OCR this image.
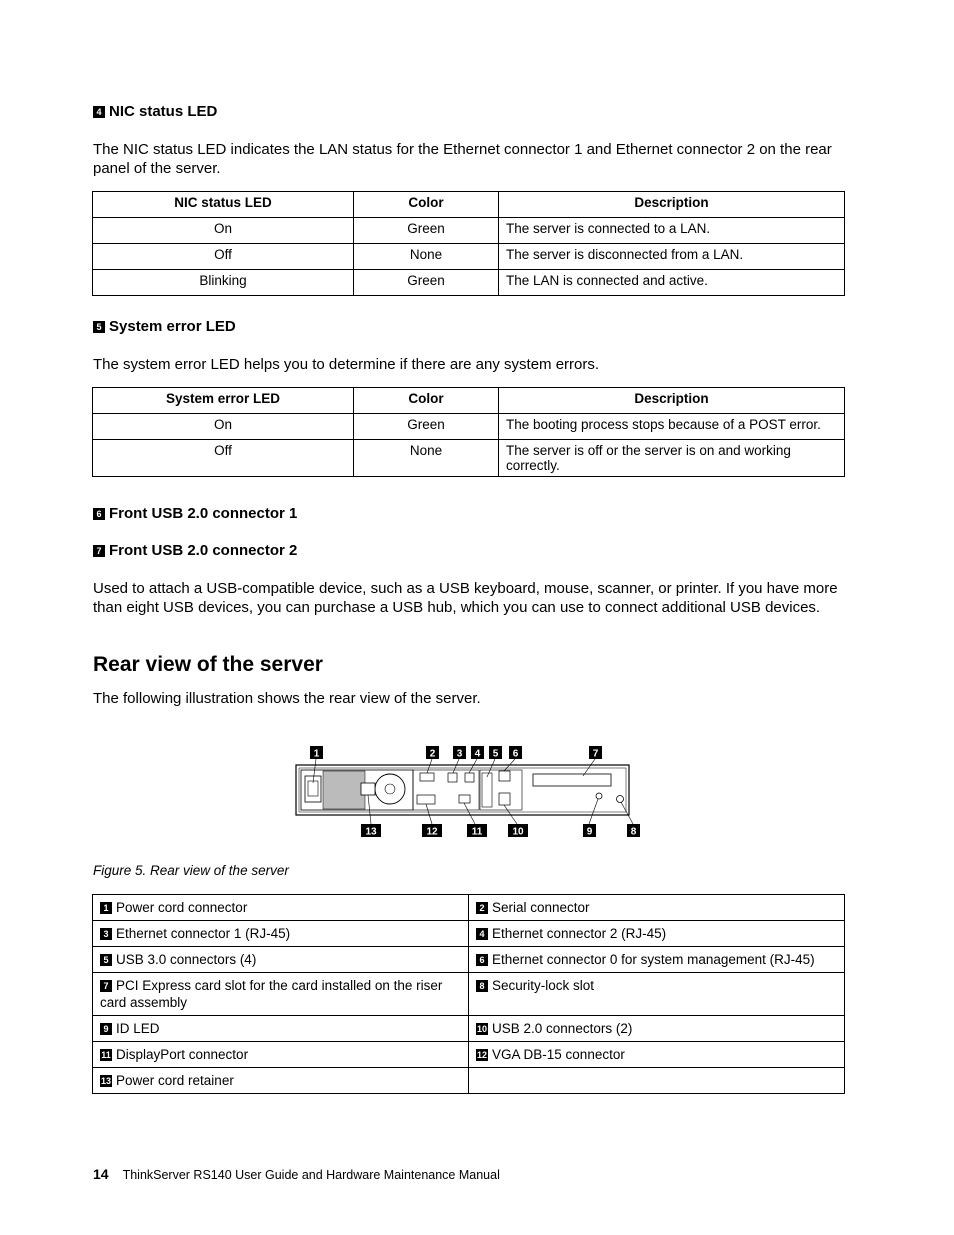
4 NIC status LED

The NIC status LED indicates the LAN status for the Ethernet connector 1 and Ethernet connector 2 on the rear panel of the server.

NIC status LED	Color	Description
On	Green	The server is connected to a LAN.
Off	None	The server is disconnected from a LAN.
Blinking	Green	The LAN is connected and active.
5 System error LED

The system error LED helps you to determine if there are any system errors.

System error LED	Color	Description
On	Green	The booting process stops because of a POST error.
Off	None	The server is off or the server is on and working correctly.
6 Front USB 2.0 connector 1
7 Front USB 2.0 connector 2

Used to attach a USB-compatible device, such as a USB keyboard, mouse, scanner, or printer. If you have more than eight USB devices, you can purchase a USB hub, which you can use to connect additional USB devices.

Rear view of the server

The following illustration shows the rear view of the server.

1	2 3 4 5 6	7
13	12	11	10	9	8
Figure 5. Rear view of the server
1 Power cord connector	2 Serial connector
3 Ethernet connector 1 (RJ-45)	4 Ethernet connector 2 (RJ-45)
5 USB 3.0 connectors (4)	6 Ethernet connector 0 for system management (RJ-45)
7 PCI Express card slot for the card installed on the riser card assembly	8 Security-lock slot
9 ID LED	10 USB 2.0 connectors (2)
11 DisplayPort connector	12 VGA DB-15 connector
13 Power cord retainer	
14 ThinkServer RS140 User Guide and Hardware Maintenance Manual
